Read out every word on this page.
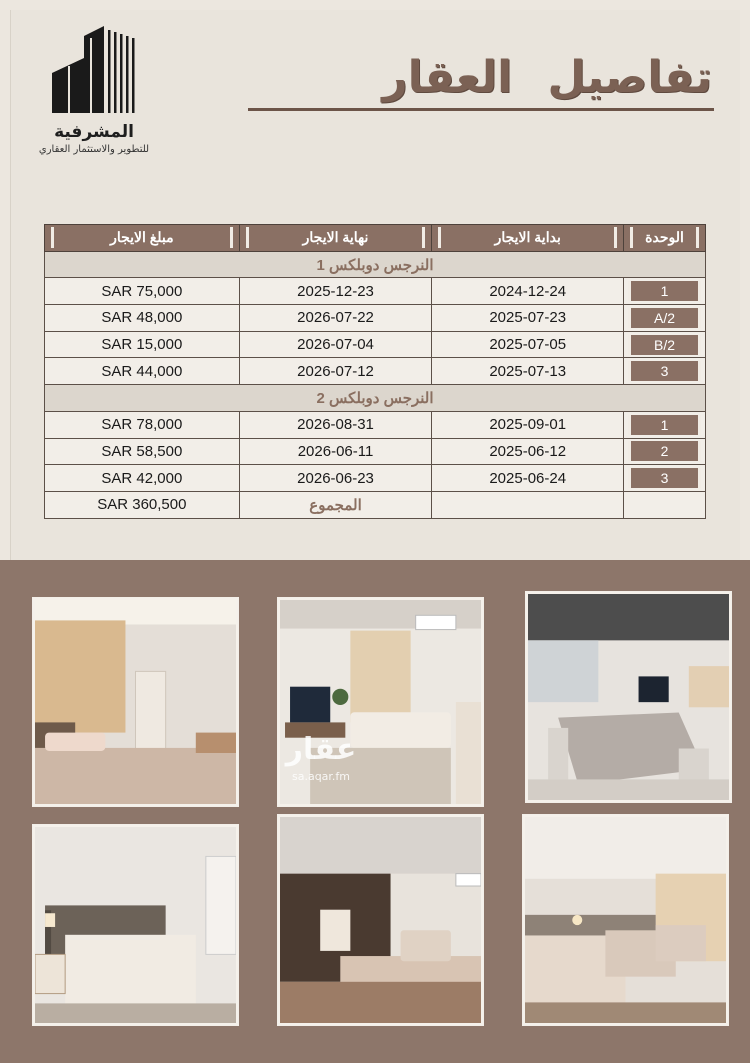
المشرفية
للتطوير والاستثمار العقاري
تفاصيل العقار
الوحدة	بداية الايجار	نهاية الايجار	مبلغ الايجار

النرجس دوبلكس 1			

1	2024-12-24	2025-12-23	75,000 SAR

2/A	2025-07-23	2026-07-22	48,000 SAR

2/B	2025-07-05	2026-07-04	15,000 SAR

3	2025-07-13	2026-07-12	44,000 SAR
النرجس دوبلكس 2			

1	2025-09-01	2026-08-31	78,000 SAR

2	2025-06-12	2026-06-11	58,500 SAR

3	2025-06-24	2026-06-23	42,000 SAR
		المجموع	360,500 SAR
عقار
sa.aqar.fm
